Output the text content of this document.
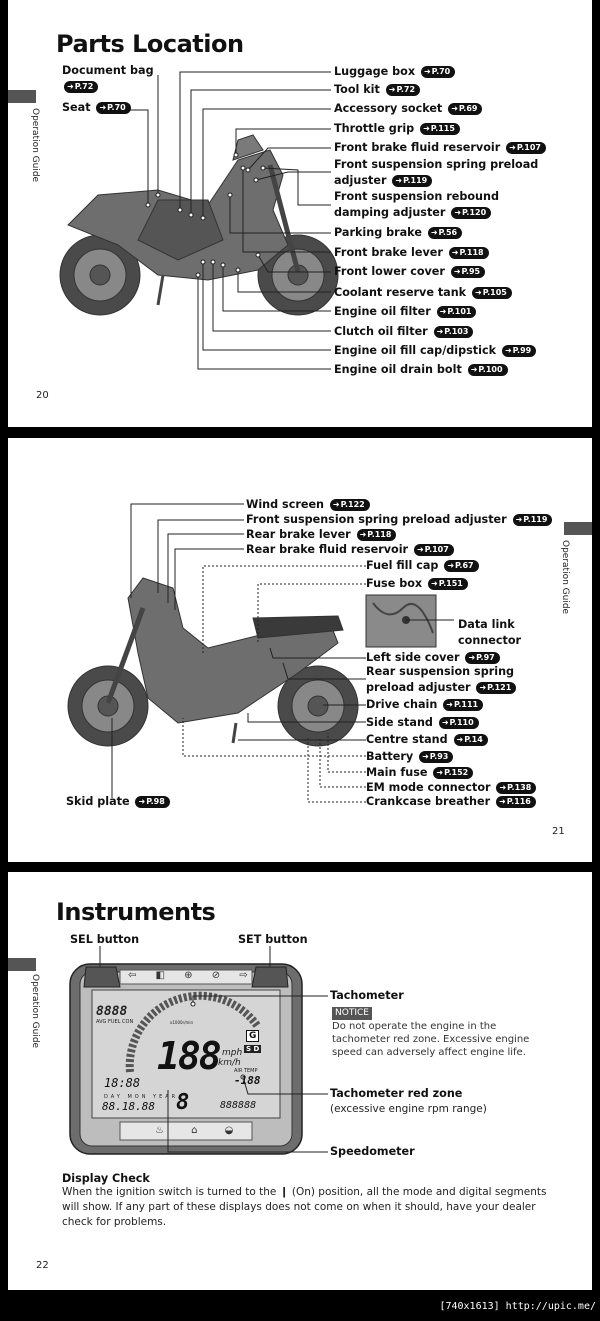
Parts Location
Operation Guide
20
Document bag
➜P.72
Seat ➜P.70
Luggage box ➜P.70
Tool kit ➜P.72
Accessory socket ➜P.69
Throttle grip ➜P.115
Front brake fluid reservoir ➜P.107
Front suspension spring preload
adjuster ➜P.119
Front suspension rebound
damping adjuster ➜P.120
Parking brake ➜P.56
Front brake lever ➜P.118
Front lower cover ➜P.95
Coolant reserve tank ➜P.105
Engine oil filter ➜P.101
Clutch oil filter ➜P.103
Engine oil fill cap/dipstick ➜P.99
Engine oil drain bolt ➜P.100
Operation Guide
21
Wind screen ➜P.122
Front suspension spring preload adjuster ➜P.119
Rear brake lever ➜P.118
Rear brake fluid reservoir ➜P.107
Fuel fill cap ➜P.67
Fuse box ➜P.151
Data link
connector
Left side cover ➜P.97
Rear suspension spring
preload adjuster ➜P.121
Drive chain ➜P.111
Side stand ➜P.110
Centre stand ➜P.14
Battery ➜P.93
Main fuse ➜P.152
EM mode connector ➜P.138
Crankcase breather ➜P.116
Skid plate ➜P.98
Instruments
Operation Guide
22
SEL button	SET button
⇦ ◧ ⊕ ⊘ ⇨
8888
AVG FUEL CON
188 mph
km/h
8
AIR TEMP
-188
18:88
DAY MON YEAR
88.18.88	888888
x1000r/min
G
S D
♨ ⌂ ◒
Tachometer
NOTICE
Do not operate the engine in the
tachometer red zone. Excessive engine
speed can adversely affect engine life.
Tachometer red zone
(excessive engine rpm range)
Speedometer
Display Check
When the ignition switch is turned to the ❙ (On) position, all the mode and digital segments
will show. If any part of these displays does not come on when it should, have your dealer
check for problems.
[740x1613] http://upic.me/
